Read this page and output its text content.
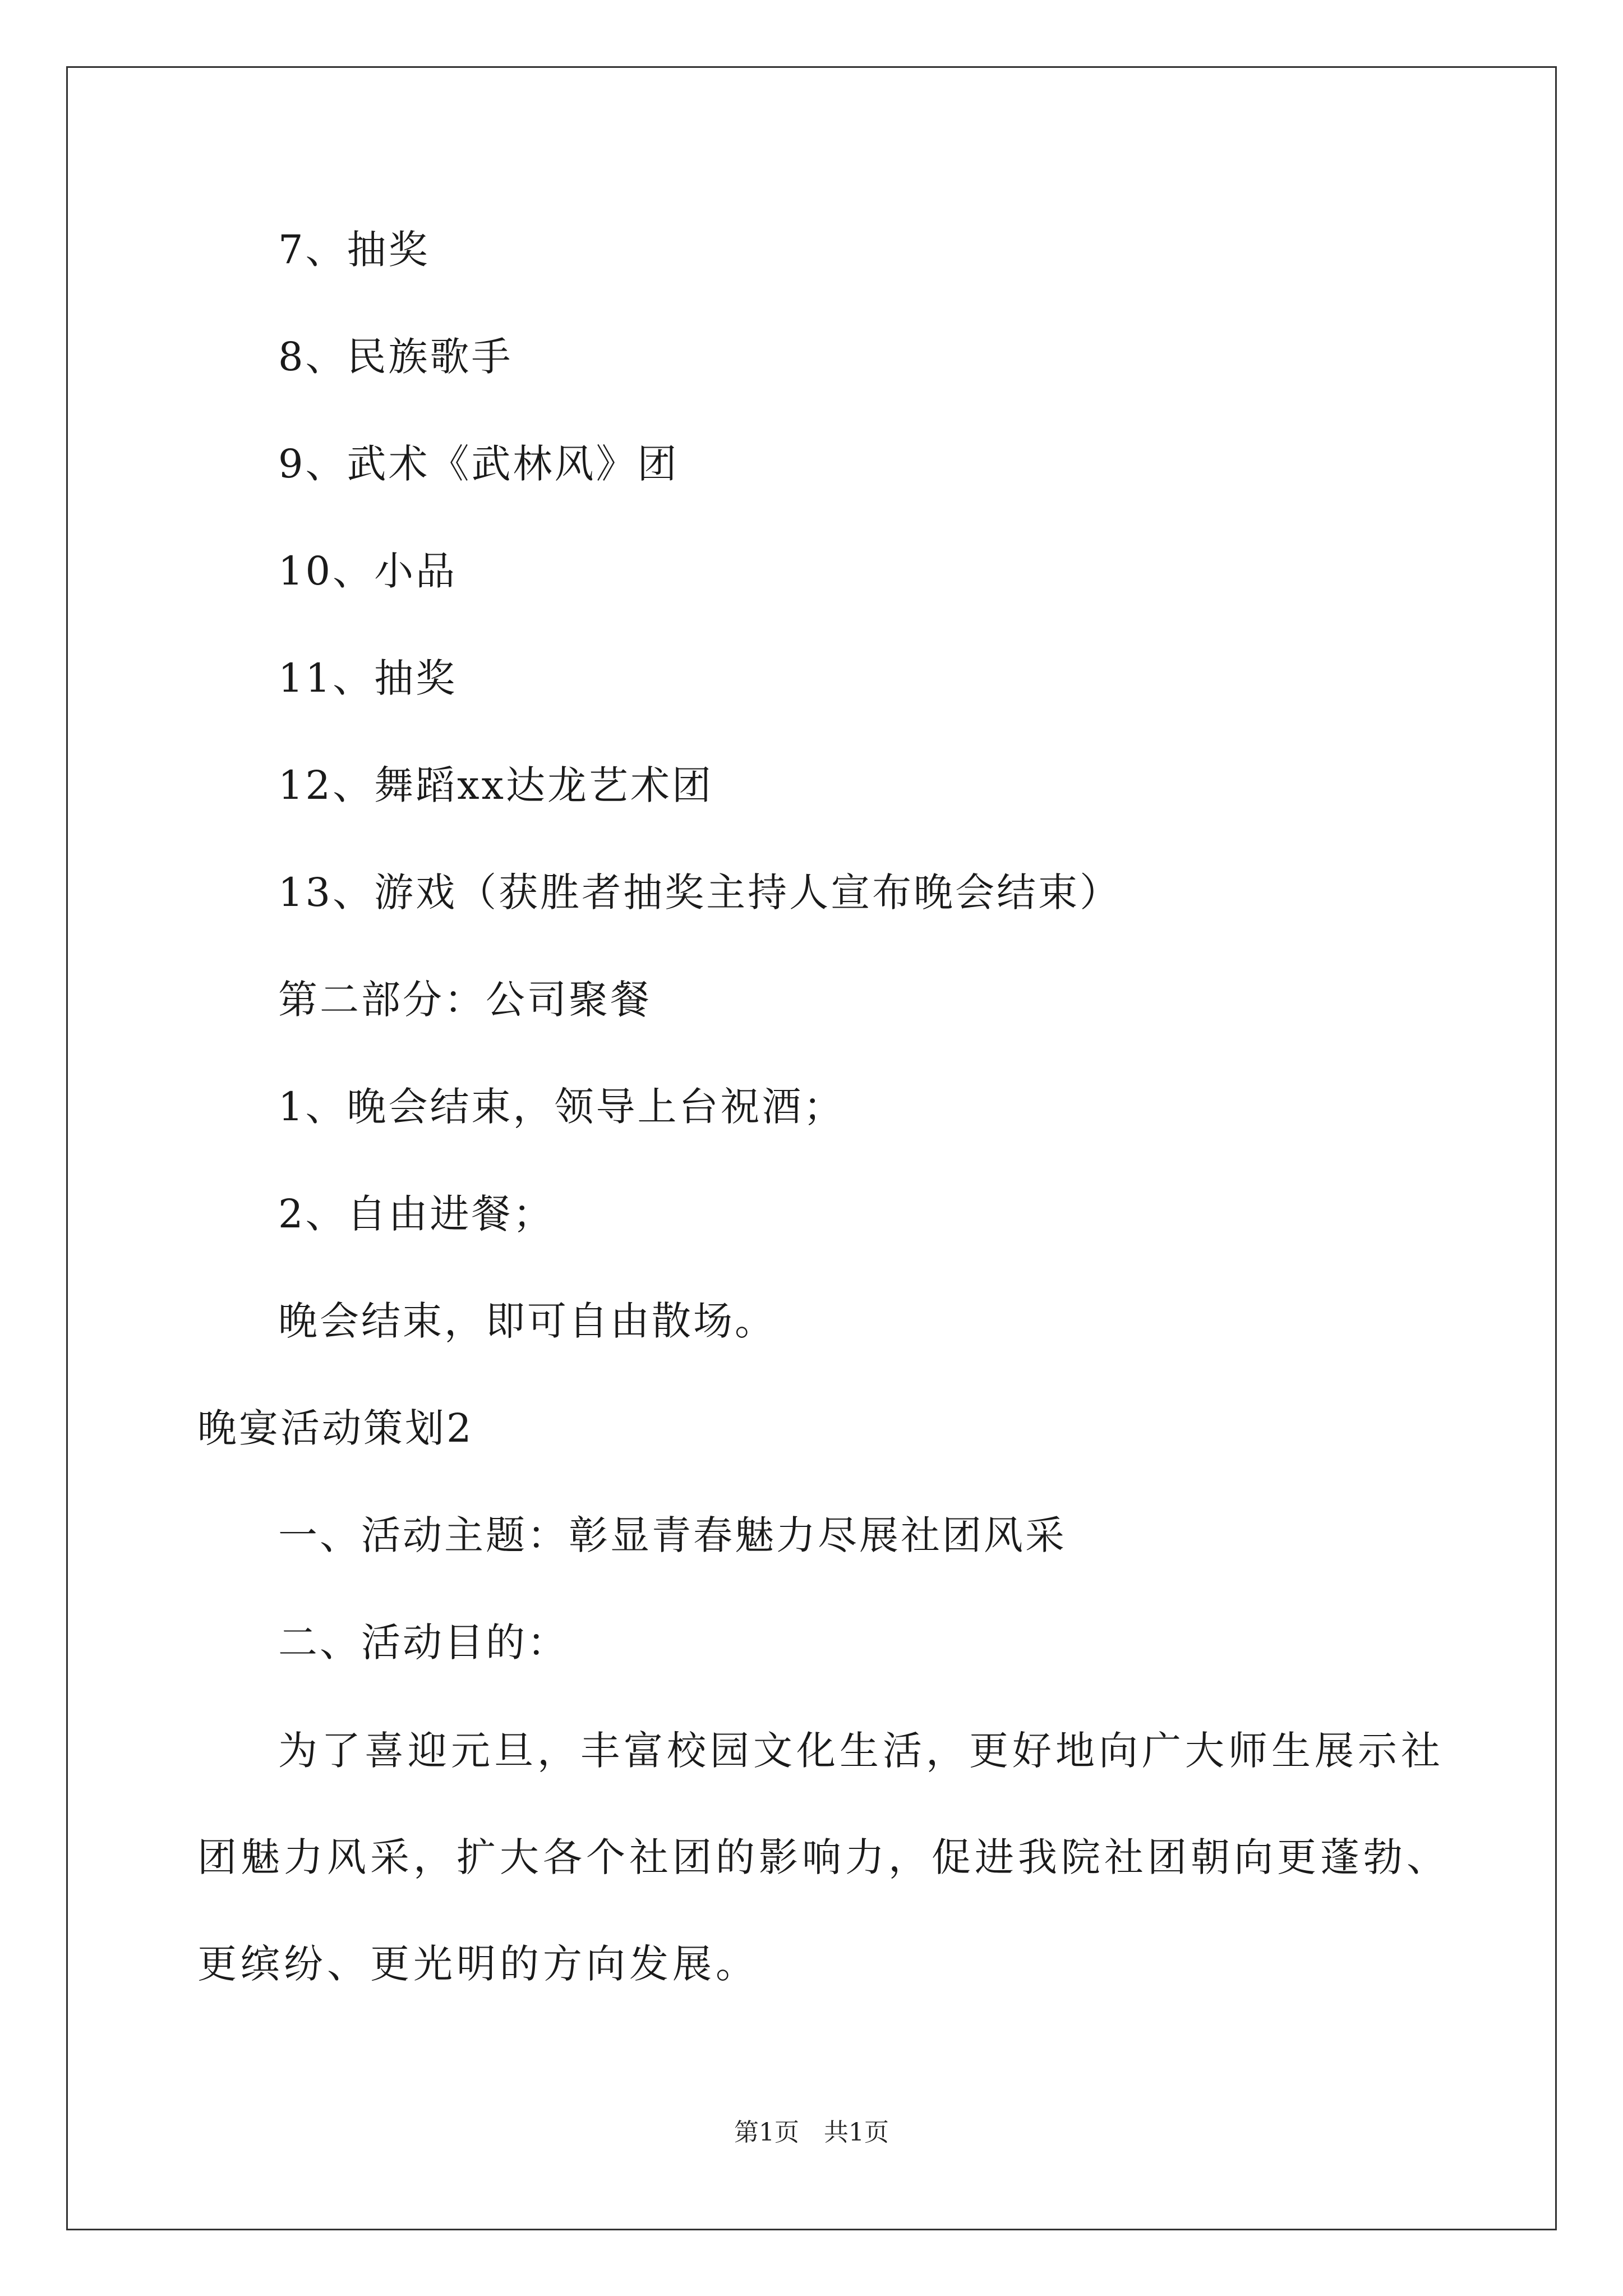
7、抽奖
8、民族歌手
9、武术《武林风》团
10、小品
11、抽奖
12、舞蹈xx达龙艺术团
13、游戏（获胜者抽奖主持人宣布晚会结束）
第二部分：公司聚餐
1、晚会结束，领导上台祝酒；
2、自由进餐；
晚会结束，即可自由散场。
晚宴活动策划2
一、活动主题：彰显青春魅力尽展社团风采
二、活动目的：

为了喜迎元旦，丰富校园文化生活，更好地向广大师生展示社团魅力风采，扩大各个社团的影响力，促进我院社团朝向更蓬勃、更缤纷、更光明的方向发展。

第1页　共1页
